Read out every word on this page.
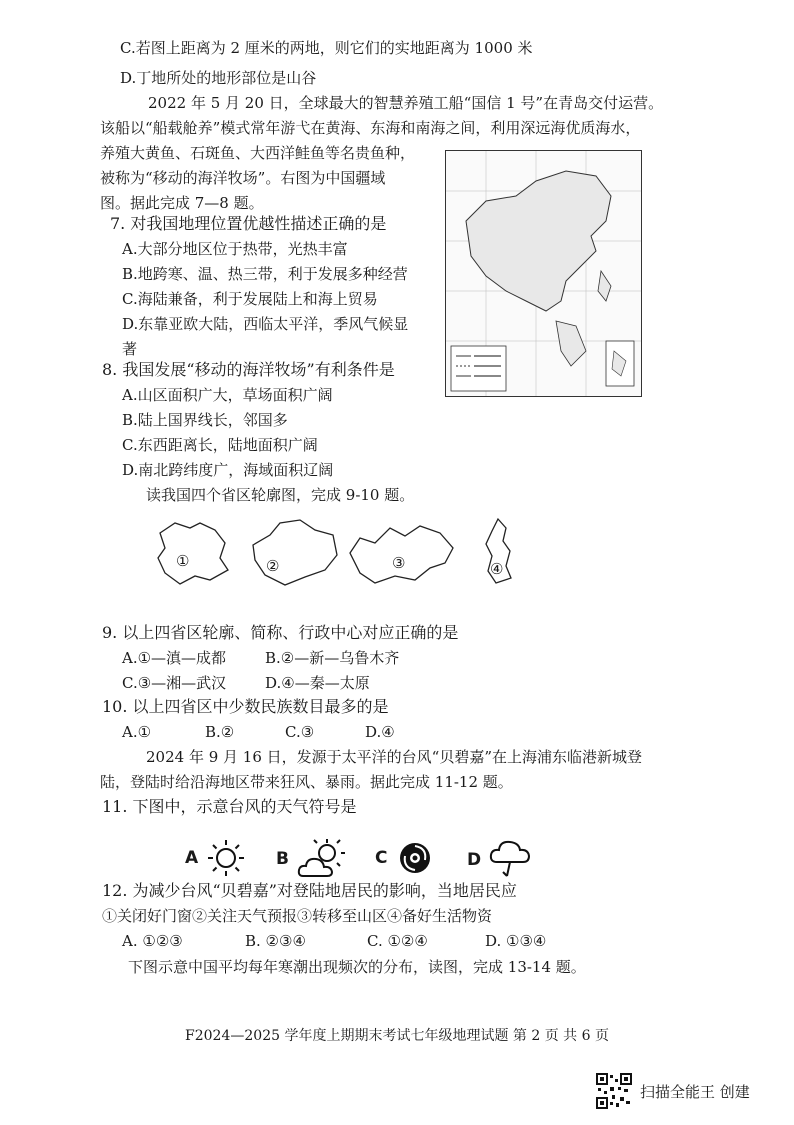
C.若图上距离为 2 厘米的两地，则它们的实地距离为 1000 米
D.丁地所处的地形部位是山谷
2022 年 5 月 20 日，全球最大的智慧养殖工船“国信 1 号”在青岛交付运营。
该船以“船载舱养”模式常年游弋在黄海、东海和南海之间，利用深远海优质海水，
养殖大黄鱼、石斑鱼、大西洋鲑鱼等名贵鱼种，
被称为“移动的海洋牧场”。右图为中国疆域
图。据此完成 7—8 题。
7. 对我国地理位置优越性描述正确的是
A.大部分地区位于热带，光热丰富
B.地跨寒、温、热三带，利于发展多种经营
C.海陆兼备，利于发展陆上和海上贸易
D.东靠亚欧大陆，西临太平洋，季风气候显
著
8. 我国发展“移动的海洋牧场”有利条件是
A.山区面积广大，草场面积广阔
B.陆上国界线长，邻国多
C.东西距离长，陆地面积广阔
D.南北跨纬度广，海域面积辽阔
读我国四个省区轮廓图，完成 9-10 题。
①	②	③	④
9. 以上四省区轮廓、简称、行政中心对应正确的是
A.①—滇—成都	B.②—新—乌鲁木齐
C.③—湘—武汉	D.④—秦—太原
10. 以上四省区中少数民族数目最多的是
A.①	B.②	C.③	D.④
2024 年 9 月 16 日，发源于太平洋的台风“贝碧嘉”在上海浦东临港新城登
陆，登陆时给沿海地区带来狂风、暴雨。据此完成 11-12 题。
11. 下图中，示意台风的天气符号是
A	B	C	D
12. 为减少台风“贝碧嘉”对登陆地居民的影响，当地居民应
①关闭好门窗②关注天气预报③转移至山区④备好生活物资
A. ①②③	B. ②③④	C. ①②④	D. ①③④
下图示意中国平均每年寒潮出现频次的分布，读图，完成 13-14 题。
F2024—2025 学年度上期期末考试七年级地理试题 第 2 页 共 6 页
扫描全能王 创建
